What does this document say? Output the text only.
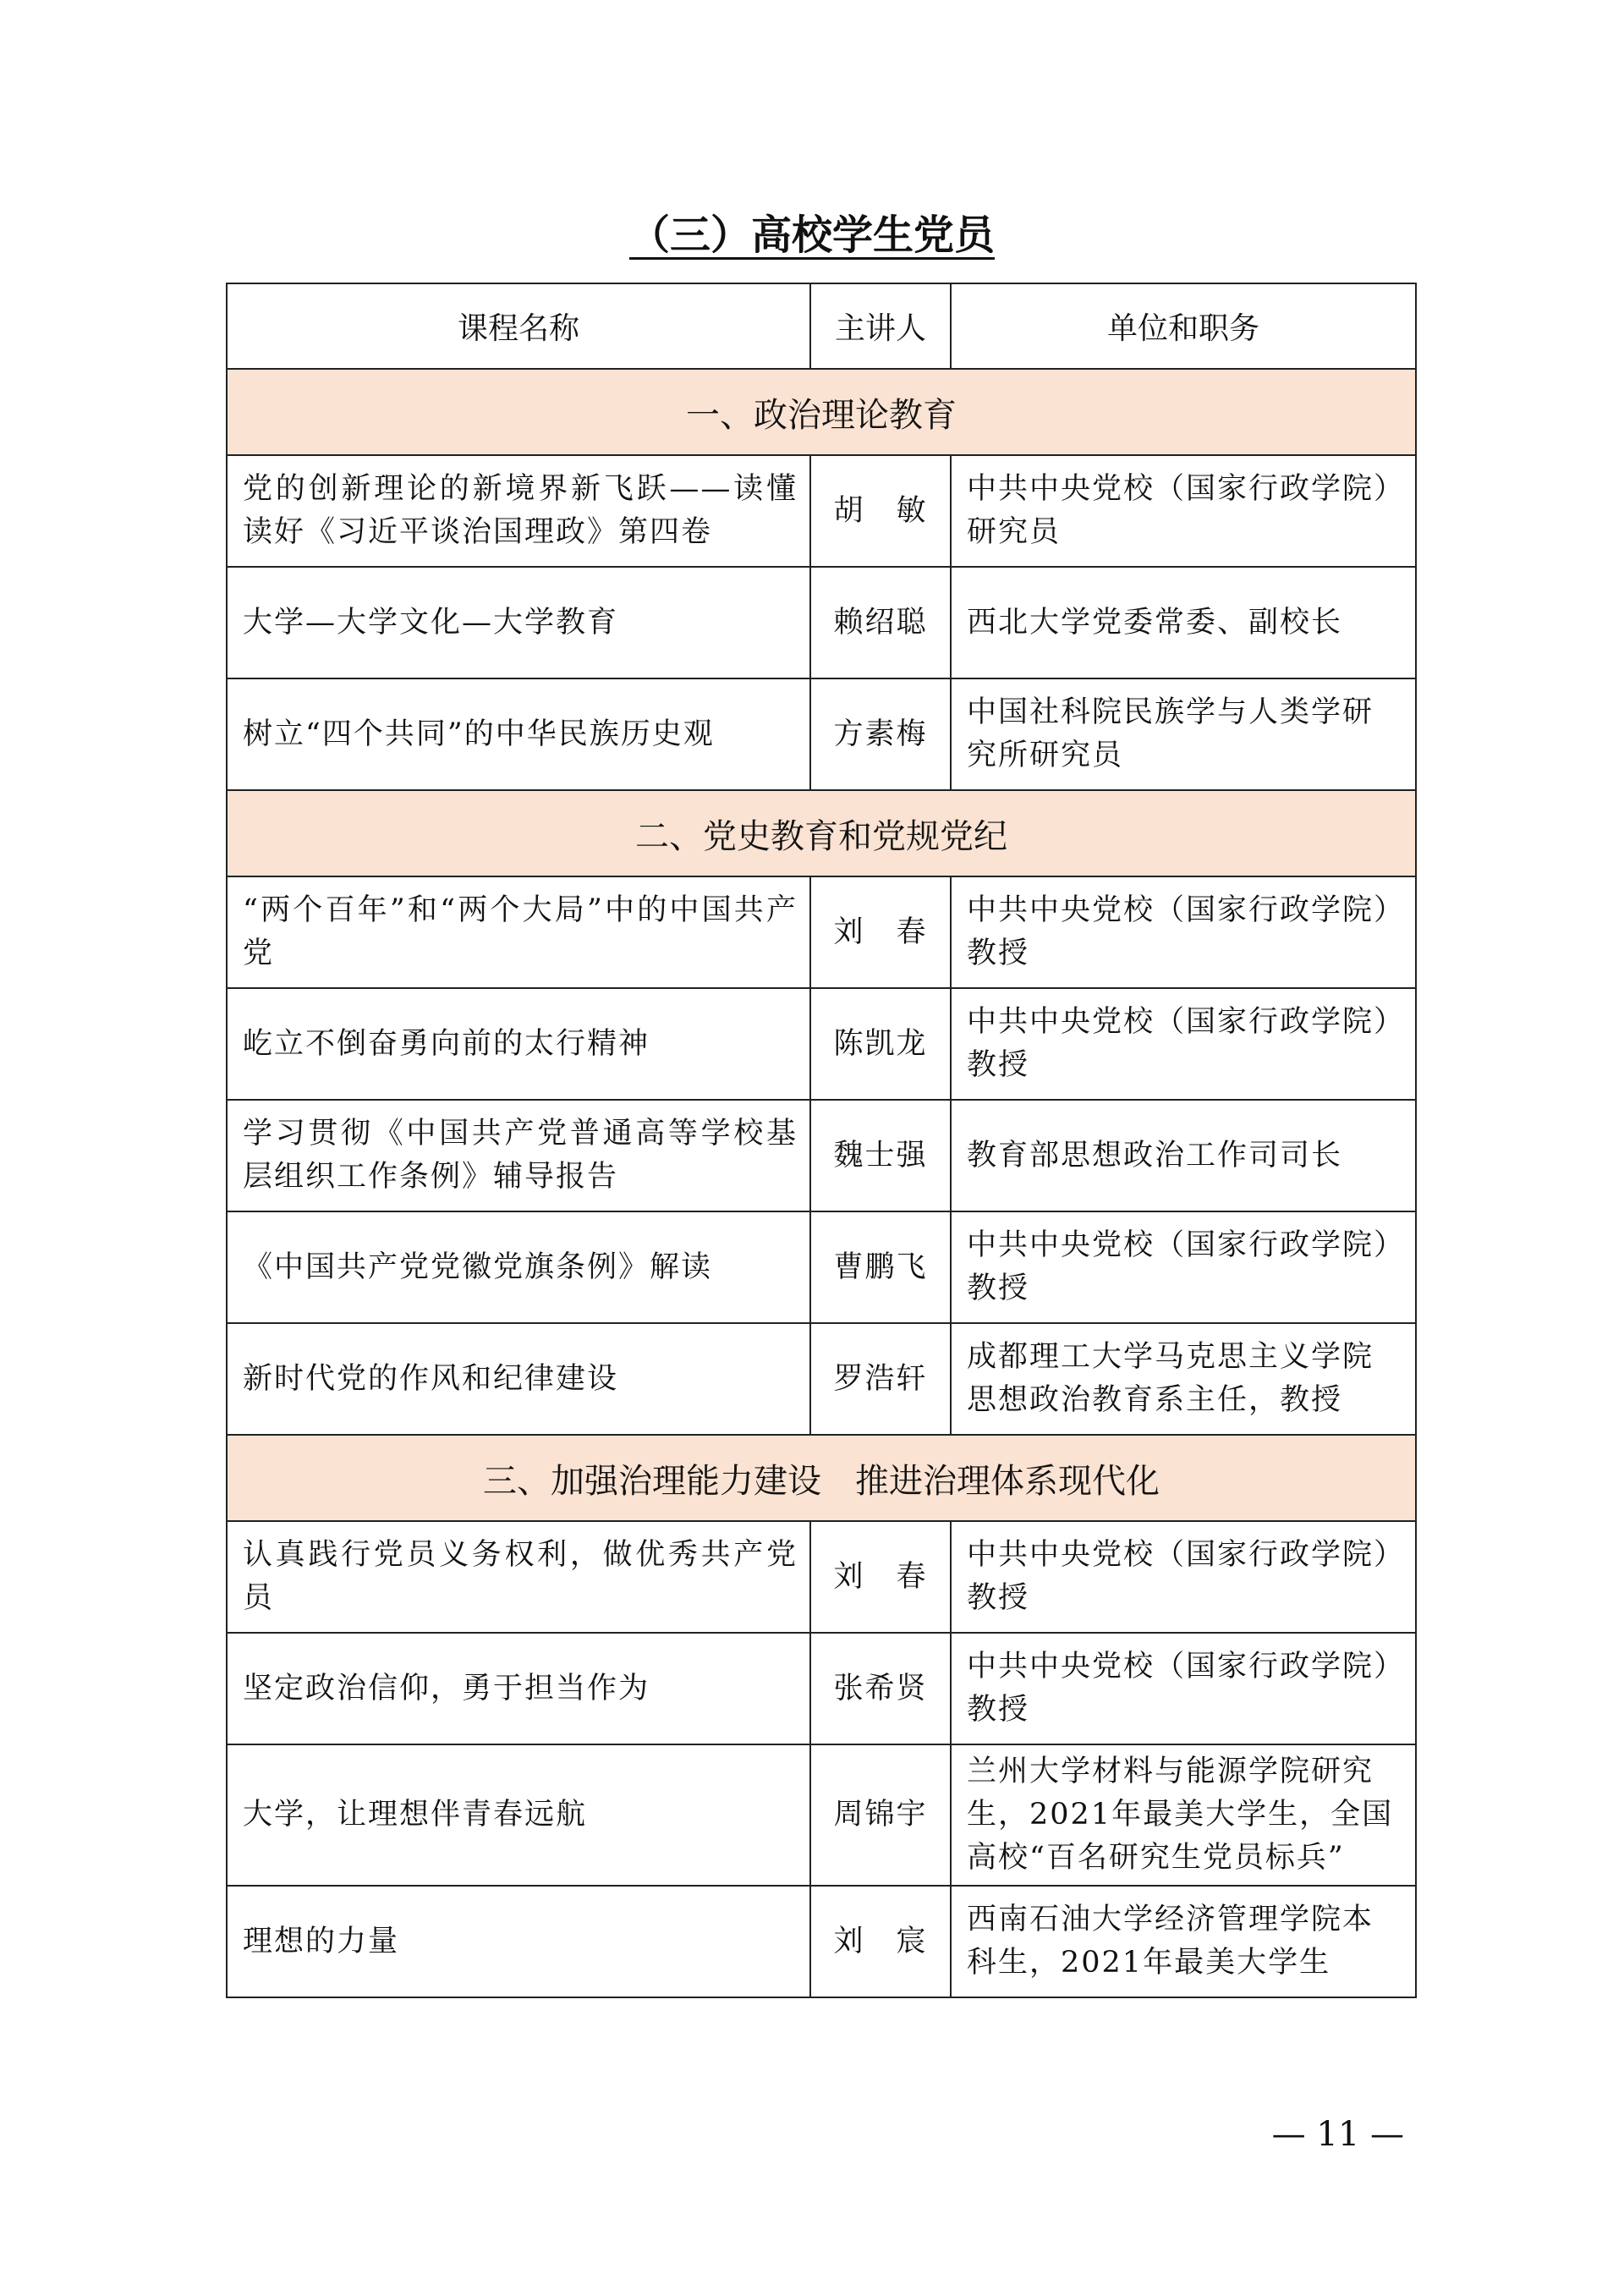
（三）高校学生党员
课程名称	主讲人	单位和职务
一、政治理论教育		
党的创新理论的新境界新飞跃——读懂读好《习近平谈治国理政》第四卷	胡　敏	中共中央党校（国家行政学院）研究员
大学—大学文化—大学教育	赖绍聪	西北大学党委常委、副校长
树立“四个共同”的中华民族历史观	方素梅	中国社科院民族学与人类学研究所研究员
二、党史教育和党规党纪		
“两个百年”和“两个大局”中的中国共产党	刘　春	中共中央党校（国家行政学院）教授
屹立不倒奋勇向前的太行精神	陈凯龙	中共中央党校（国家行政学院）教授
学习贯彻《中国共产党普通高等学校基层组织工作条例》辅导报告	魏士强	教育部思想政治工作司司长
《中国共产党党徽党旗条例》解读	曹鹏飞	中共中央党校（国家行政学院）教授
新时代党的作风和纪律建设	罗浩轩	成都理工大学马克思主义学院思想政治教育系主任，教授
三、加强治理能力建设　推进治理体系现代化		
认真践行党员义务权利，做优秀共产党员	刘　春	中共中央党校（国家行政学院）教授
坚定政治信仰，勇于担当作为	张希贤	中共中央党校（国家行政学院）教授
大学，让理想伴青春远航	周锦宇	兰州大学材料与能源学院研究生，2021年最美大学生，全国高校“百名研究生党员标兵”
理想的力量	刘　宸	西南石油大学经济管理学院本科生，2021年最美大学生

— 11 —
